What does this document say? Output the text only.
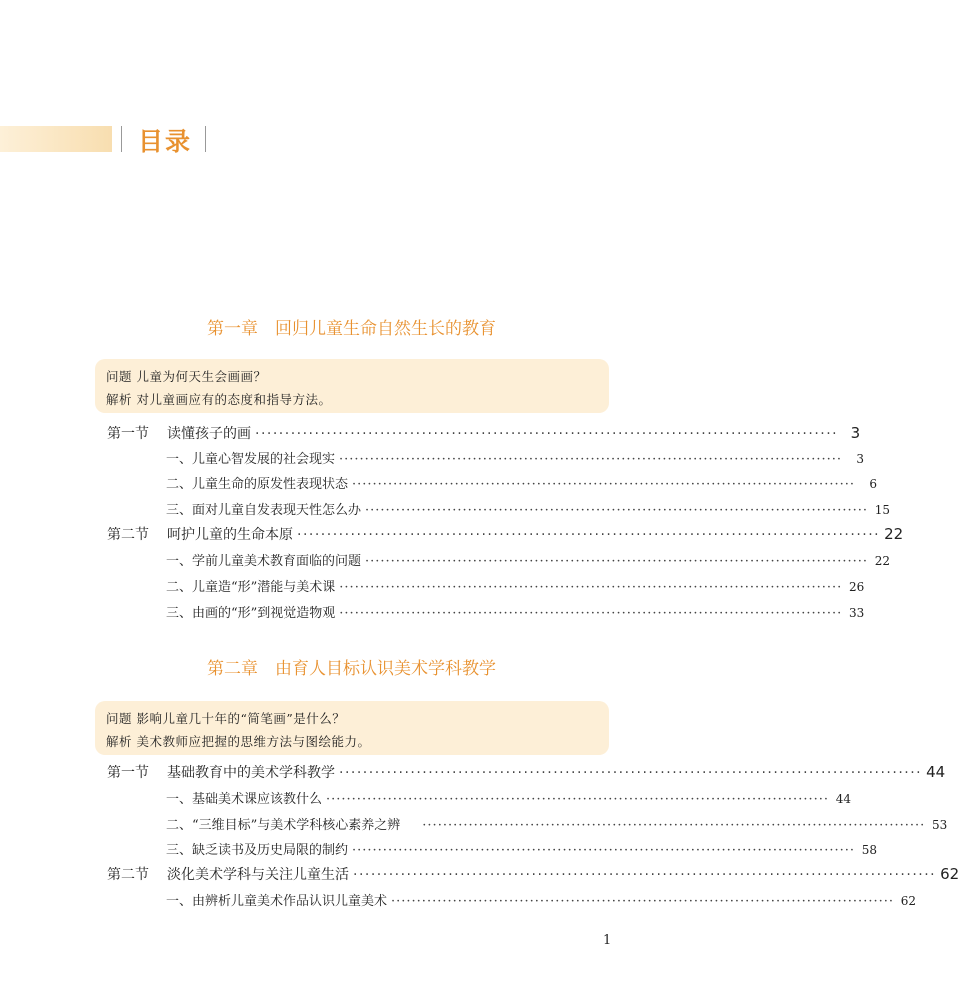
目录
第一章　回归儿童生命自然生长的教育
问题 儿童为何天生会画画？
解析 对儿童画应有的态度和指导方法。
第一节	读懂孩子的画 ·································································································· 3
一、儿童心智发展的社会现实 ··································································································	3
二、儿童生命的原发性表现状态 ··································································································	6
三、面对儿童自发表现天性怎么办 ·································································································· 15
第二节	呵护儿童的生命本原 ·································································································· 22
一、学前儿童美术教育面临的问题 ·································································································· 22
二、儿童造“形”潜能与美术课 ·································································································· 26
三、由画的“形”到视觉造物观 ·································································································· 33
第二章　由育人目标认识美术学科教学
问题 影响儿童几十年的“简笔画”是什么？
解析 美术教师应把握的思维方法与图绘能力。
第一节	基础教育中的美术学科教学 ·································································································· 44
一、基础美术课应该教什么 ·································································································· 44
二、“三维目标”与美术学科核心素养之辨 ·································································································· 53
三、缺乏读书及历史局限的制约 ·································································································· 58
第二节	淡化美术学科与关注儿童生活 ·································································································· 62
一、由辨析儿童美术作品认识儿童美术 ·································································································· 62
1
